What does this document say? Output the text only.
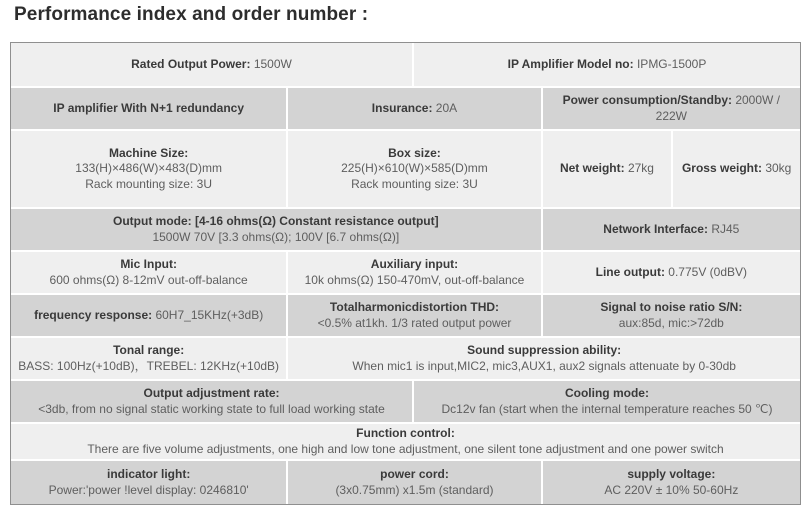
Performance index and order number :
Rated Output Power: 1500W	IP Amplifier Model no: IPMG-1500P
IP amplifier With N+1 redundancy	Insurance: 20A
Power consumption/Standby: 2000W / 222W
Machine Size:
133(H)×486(W)×483(D)mm
Rack mounting size: 3U
Box size:
225(H)×610(W)×585(D)mm
Rack mounting size: 3U
Net weight: 27kg Gross weight: 30kg
Output mode: [4-16 ohms(Ω) Constant resistance output]
1500W 70V [3.3 ohms(Ω); 100V [6.7 ohms(Ω)]
Network Interface: RJ45
Mic Input:
600 ohms(Ω) 8-12mV out-off-balance
Auxiliary input:
10k ohms(Ω) 150-470mV, out-off-balance
Line output: 0.775V (0dBV)
frequency response: 60H7_15KHz(+3dB)
Totalharmonicdistortion THD:
<0.5% at1kh. 1/3 rated output power
Signal to noise ratio S/N:
aux:85d, mic:>72db
Tonal range:
BASS: 100Hz(+10dB)，TREBEL: 12KHz(+10dB)
Sound suppression ability:
When mic1 is input,MIC2, mic3,AUX1, aux2 signals attenuate by 0-30db
Output adjustment rate:
<3db, from no signal static working state to full load working state
Cooling mode:
Dc12v fan (start when the internal temperature reaches 50 ℃)
Function control:
There are five volume adjustments, one high and low tone adjustment, one silent tone adjustment and one power switch
indicator light:
Power:'power !level display: 0246810'
power cord:
(3x0.75mm) x1.5m (standard)
supply voltage:
AC 220V ± 10% 50-60Hz
